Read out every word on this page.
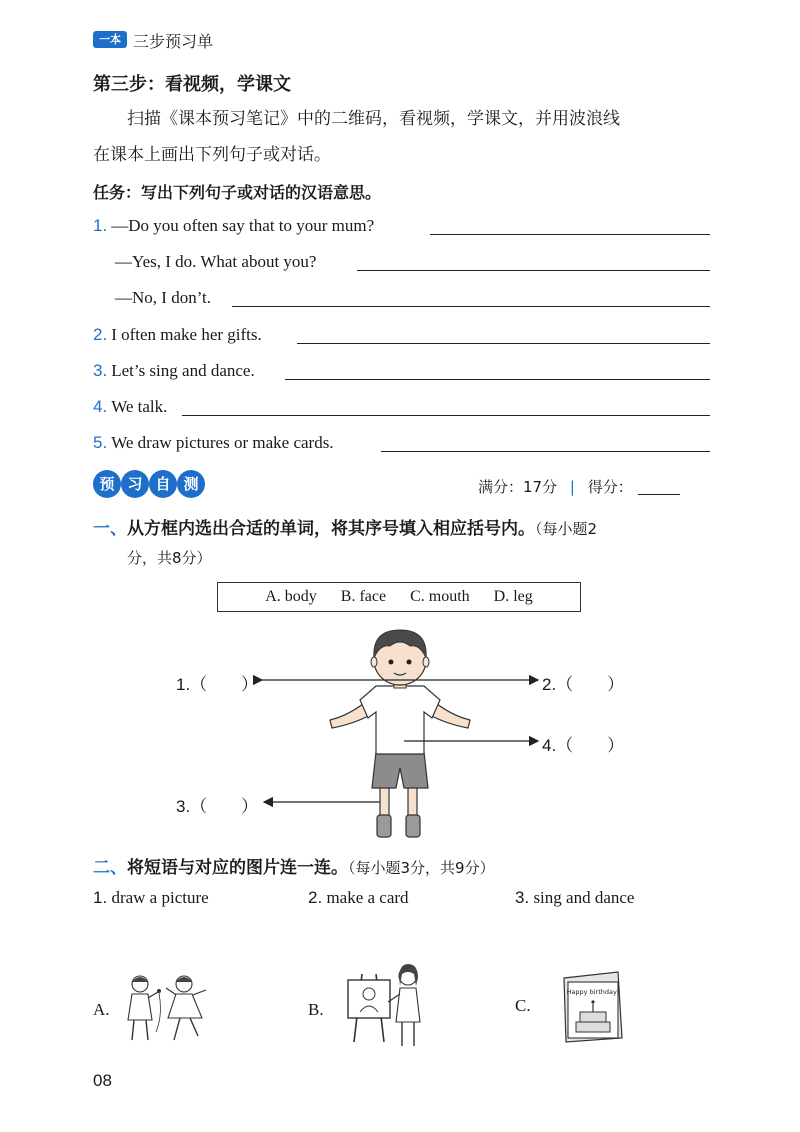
一本 三步预习单
第三步：看视频，学课文
扫描《课本预习笔记》中的二维码，看视频，学课文，并用波浪线
在课本上画出下列句子或对话。
任务：写出下列句子或对话的汉语意思。
1. —Do you often say that to your mum?
—Yes, I do. What about you?
—No, I don’t.
2. I often make her gifts.
3. Let’s sing and dance.
4. We talk.
5. We draw pictures or make cards.
预 习 自 测	满分：17分 | 得分：
一、从方框内选出合适的单词，将其序号填入相应括号内。（每小题2
分，共8分）
A. body B. face C. mouth D. leg
1.（　　）	2.（　　）
3.（　　）
4.（　　）
二、将短语与对应的图片连一连。（每小题3分，共9分）
1. draw a picture	2. make a card	3. sing and dance
A.	B.	C.
Happy birthday!
08
